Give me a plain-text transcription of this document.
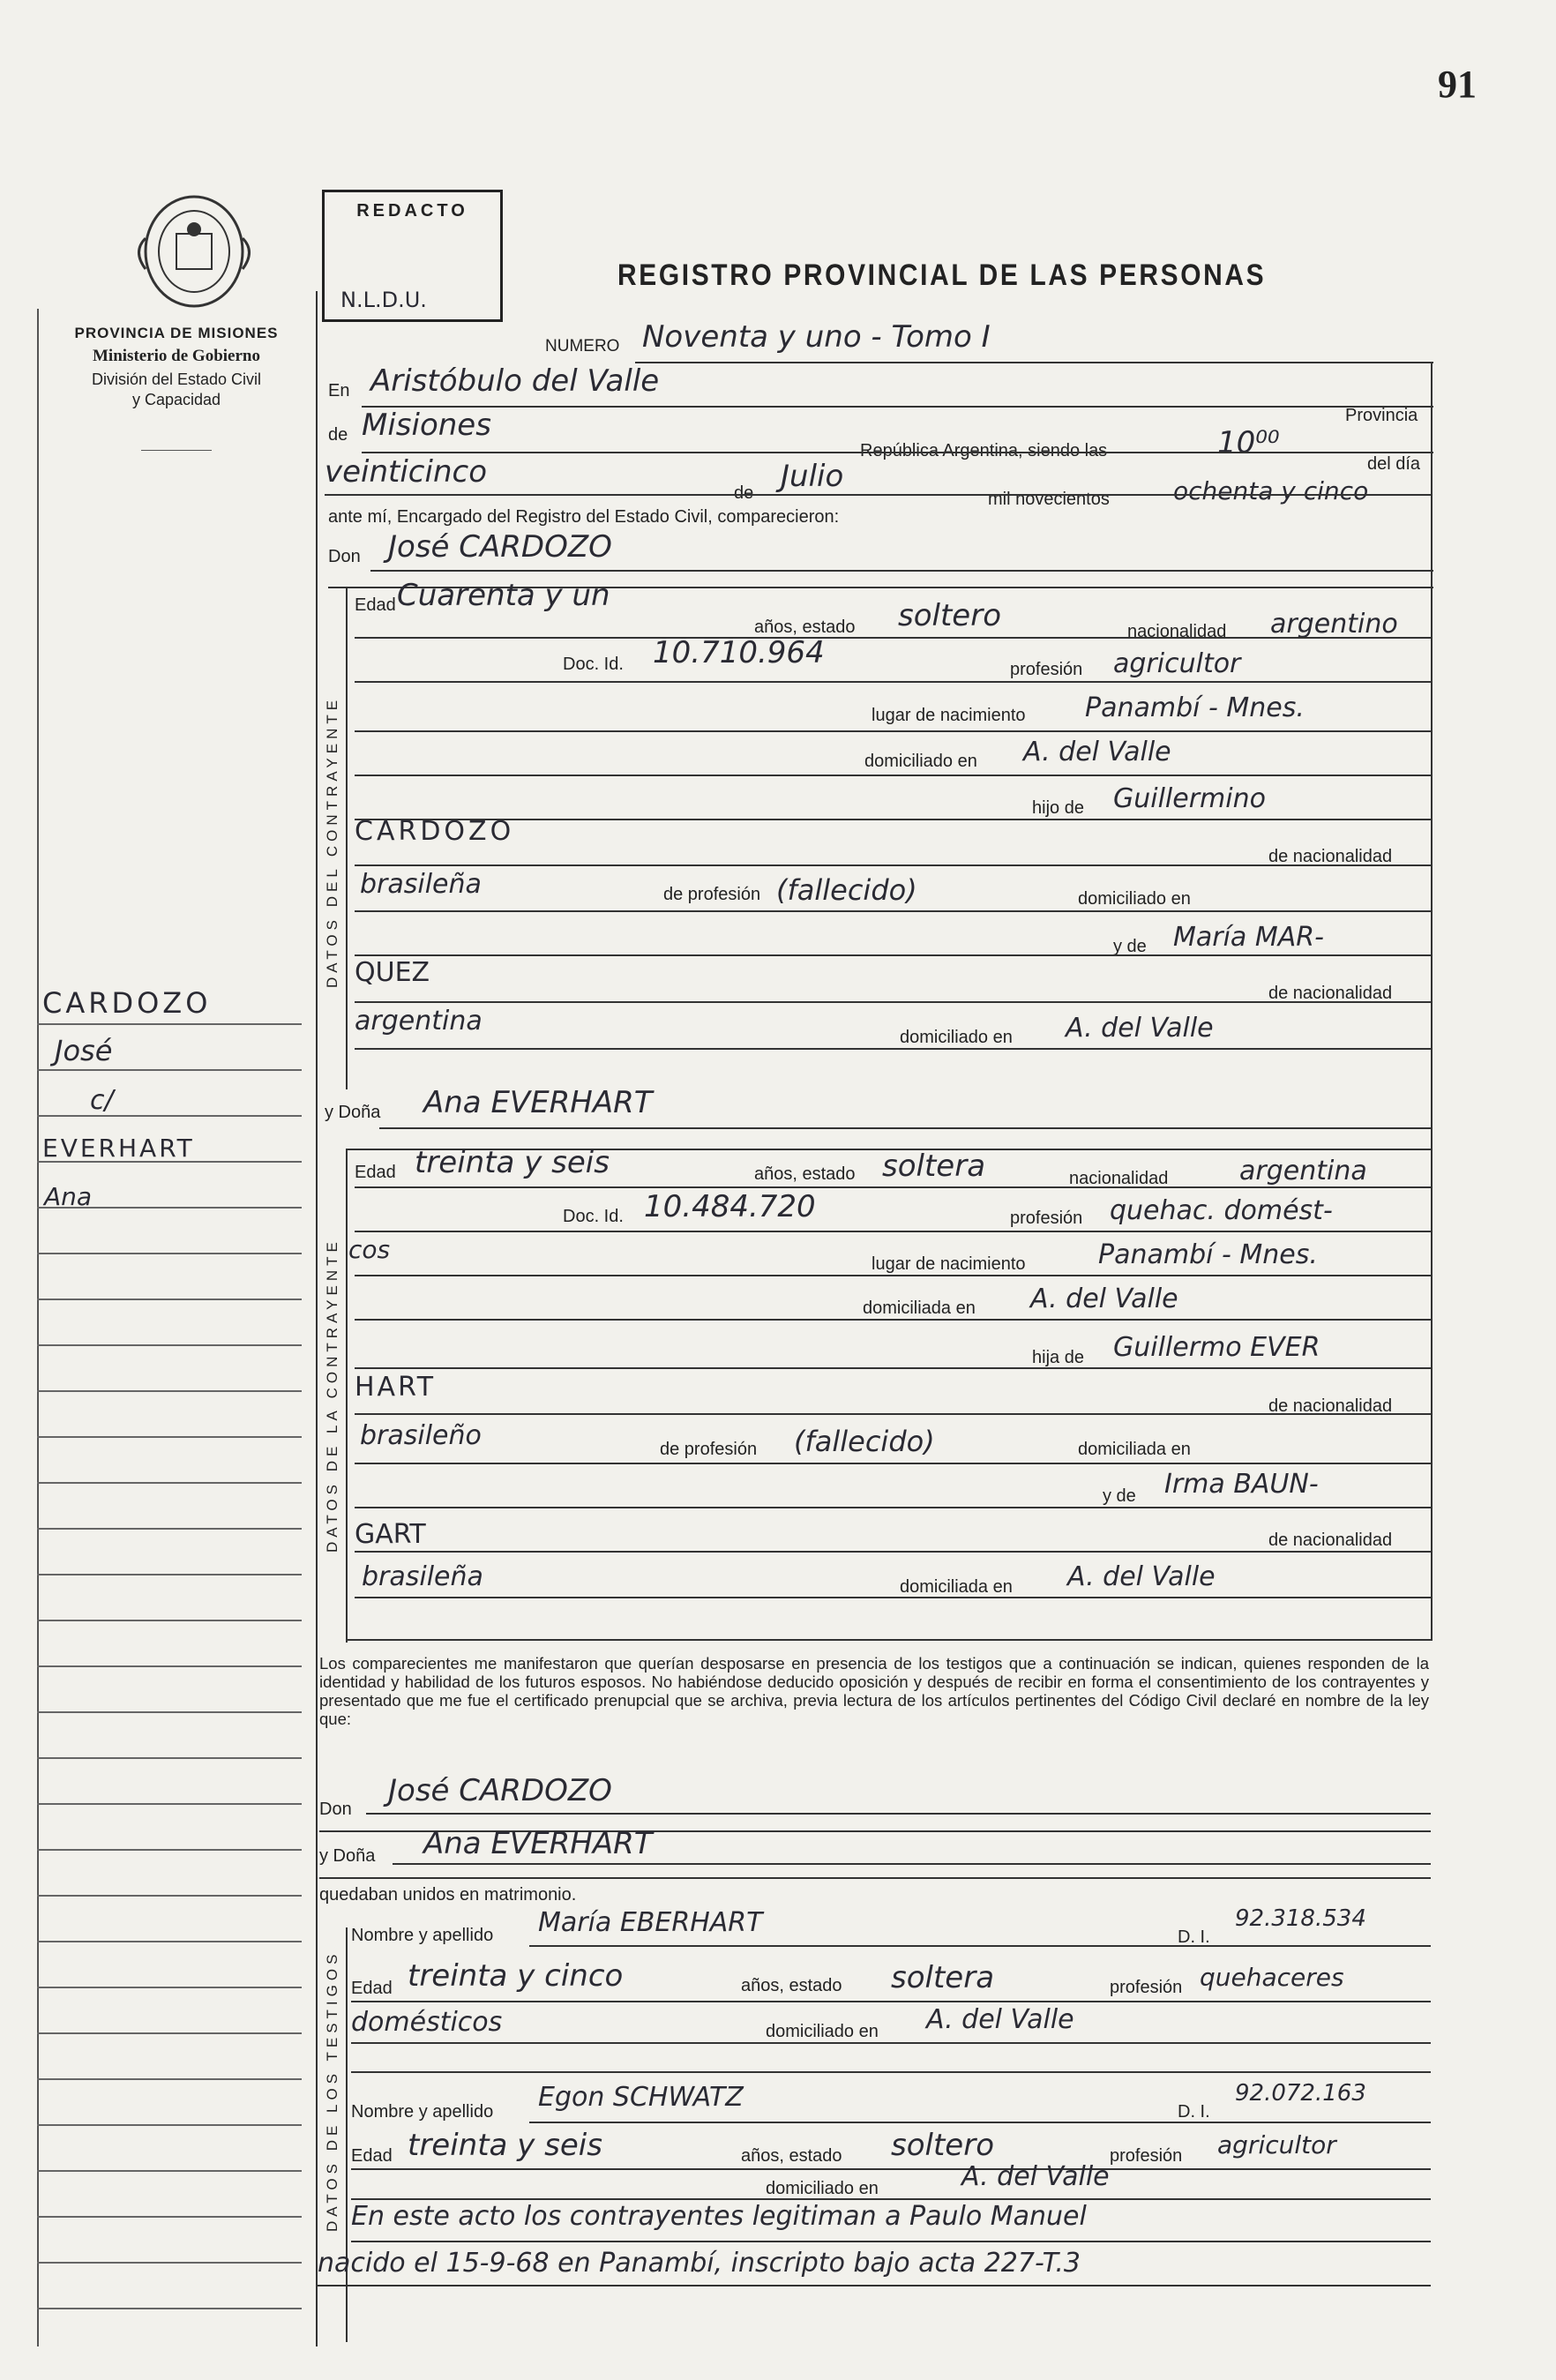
91
PROVINCIA DE MISIONES
Ministerio de Gobierno
División del Estado Civil
y Capacidad
REDACTO
N.L.D.U.
REGISTRO PROVINCIAL DE LAS PERSONAS
NUMERO Noventa y uno - Tomo I
En Aristóbulo del Valle
de Misiones	Provincia
República Argentina, siendo las	10⁰⁰
del día
veinticinco
de Julio
mil novecientos	ochenta y cinco
ante mí, Encargado del Registro del Estado Civil, comparecieron:
Don José CARDOZO
DATOS DEL CONTRAYENTE
Edad Cuarenta y un
años, estado soltero	nacionalidad argentino
Doc. Id. 10.710.964	profesión agricultor
lugar de nacimiento Panambí - Mnes.
domiciliado en A. del Valle
hijo de Guillermino
CARDOZO
de nacionalidad
brasileña	de profesión (fallecido)	domiciliado en
y de María MAR-
QUEZ
de nacionalidad
argentina
domiciliado en A. del Valle
y Doña Ana EVERHART
DATOS DE LA CONTRAYENTE
Edad treinta y seis	años, estado soltera	nacionalidad	argentina
Doc. Id. 10.484.720	profesión quehac. domést-
cos	lugar de nacimiento	Panambí - Mnes.
domiciliada en A. del Valle
hija de Guillermo EVER
HART
de nacionalidad
brasileño	de profesión (fallecido)	domiciliada en
y de Irma BAUN-
GART	de nacionalidad
brasileña	domiciliada en A. del Valle
Los comparecientes me manifestaron que querían desposarse en presencia de los testigos que a continuación se indican, quienes responden de la identidad y habilidad de los futuros esposos. No habiéndose deducido oposición y después de recibir en forma el consentimiento de los contrayentes y presentado que me fue el certificado prenupcial que se archiva, previa lectura de los artículos pertinentes del Código Civil declaré en nombre de la ley que:
Don
José CARDOZO
y Doña Ana EVERHART
quedaban unidos en matrimonio.
DATOS DE LOS TESTIGOS
Nombre y apellido María EBERHART	D. I.
92.318.534
Edad treinta y cinco	años, estado soltera	profesión quehaceres
domésticos	domiciliado en A. del Valle
Nombre y apellido Egon SCHWATZ	D. I.
92.072.163
Edad treinta y seis	años, estado soltero	profesión agricultor
domiciliado en	A. del Valle
En este acto los contrayentes legitiman a Paulo Manuel
nacido el 15-9-68 en Panambí, inscripto bajo acta 227-T.3
CARDOZO
José
c/
EVERHART
Ana
